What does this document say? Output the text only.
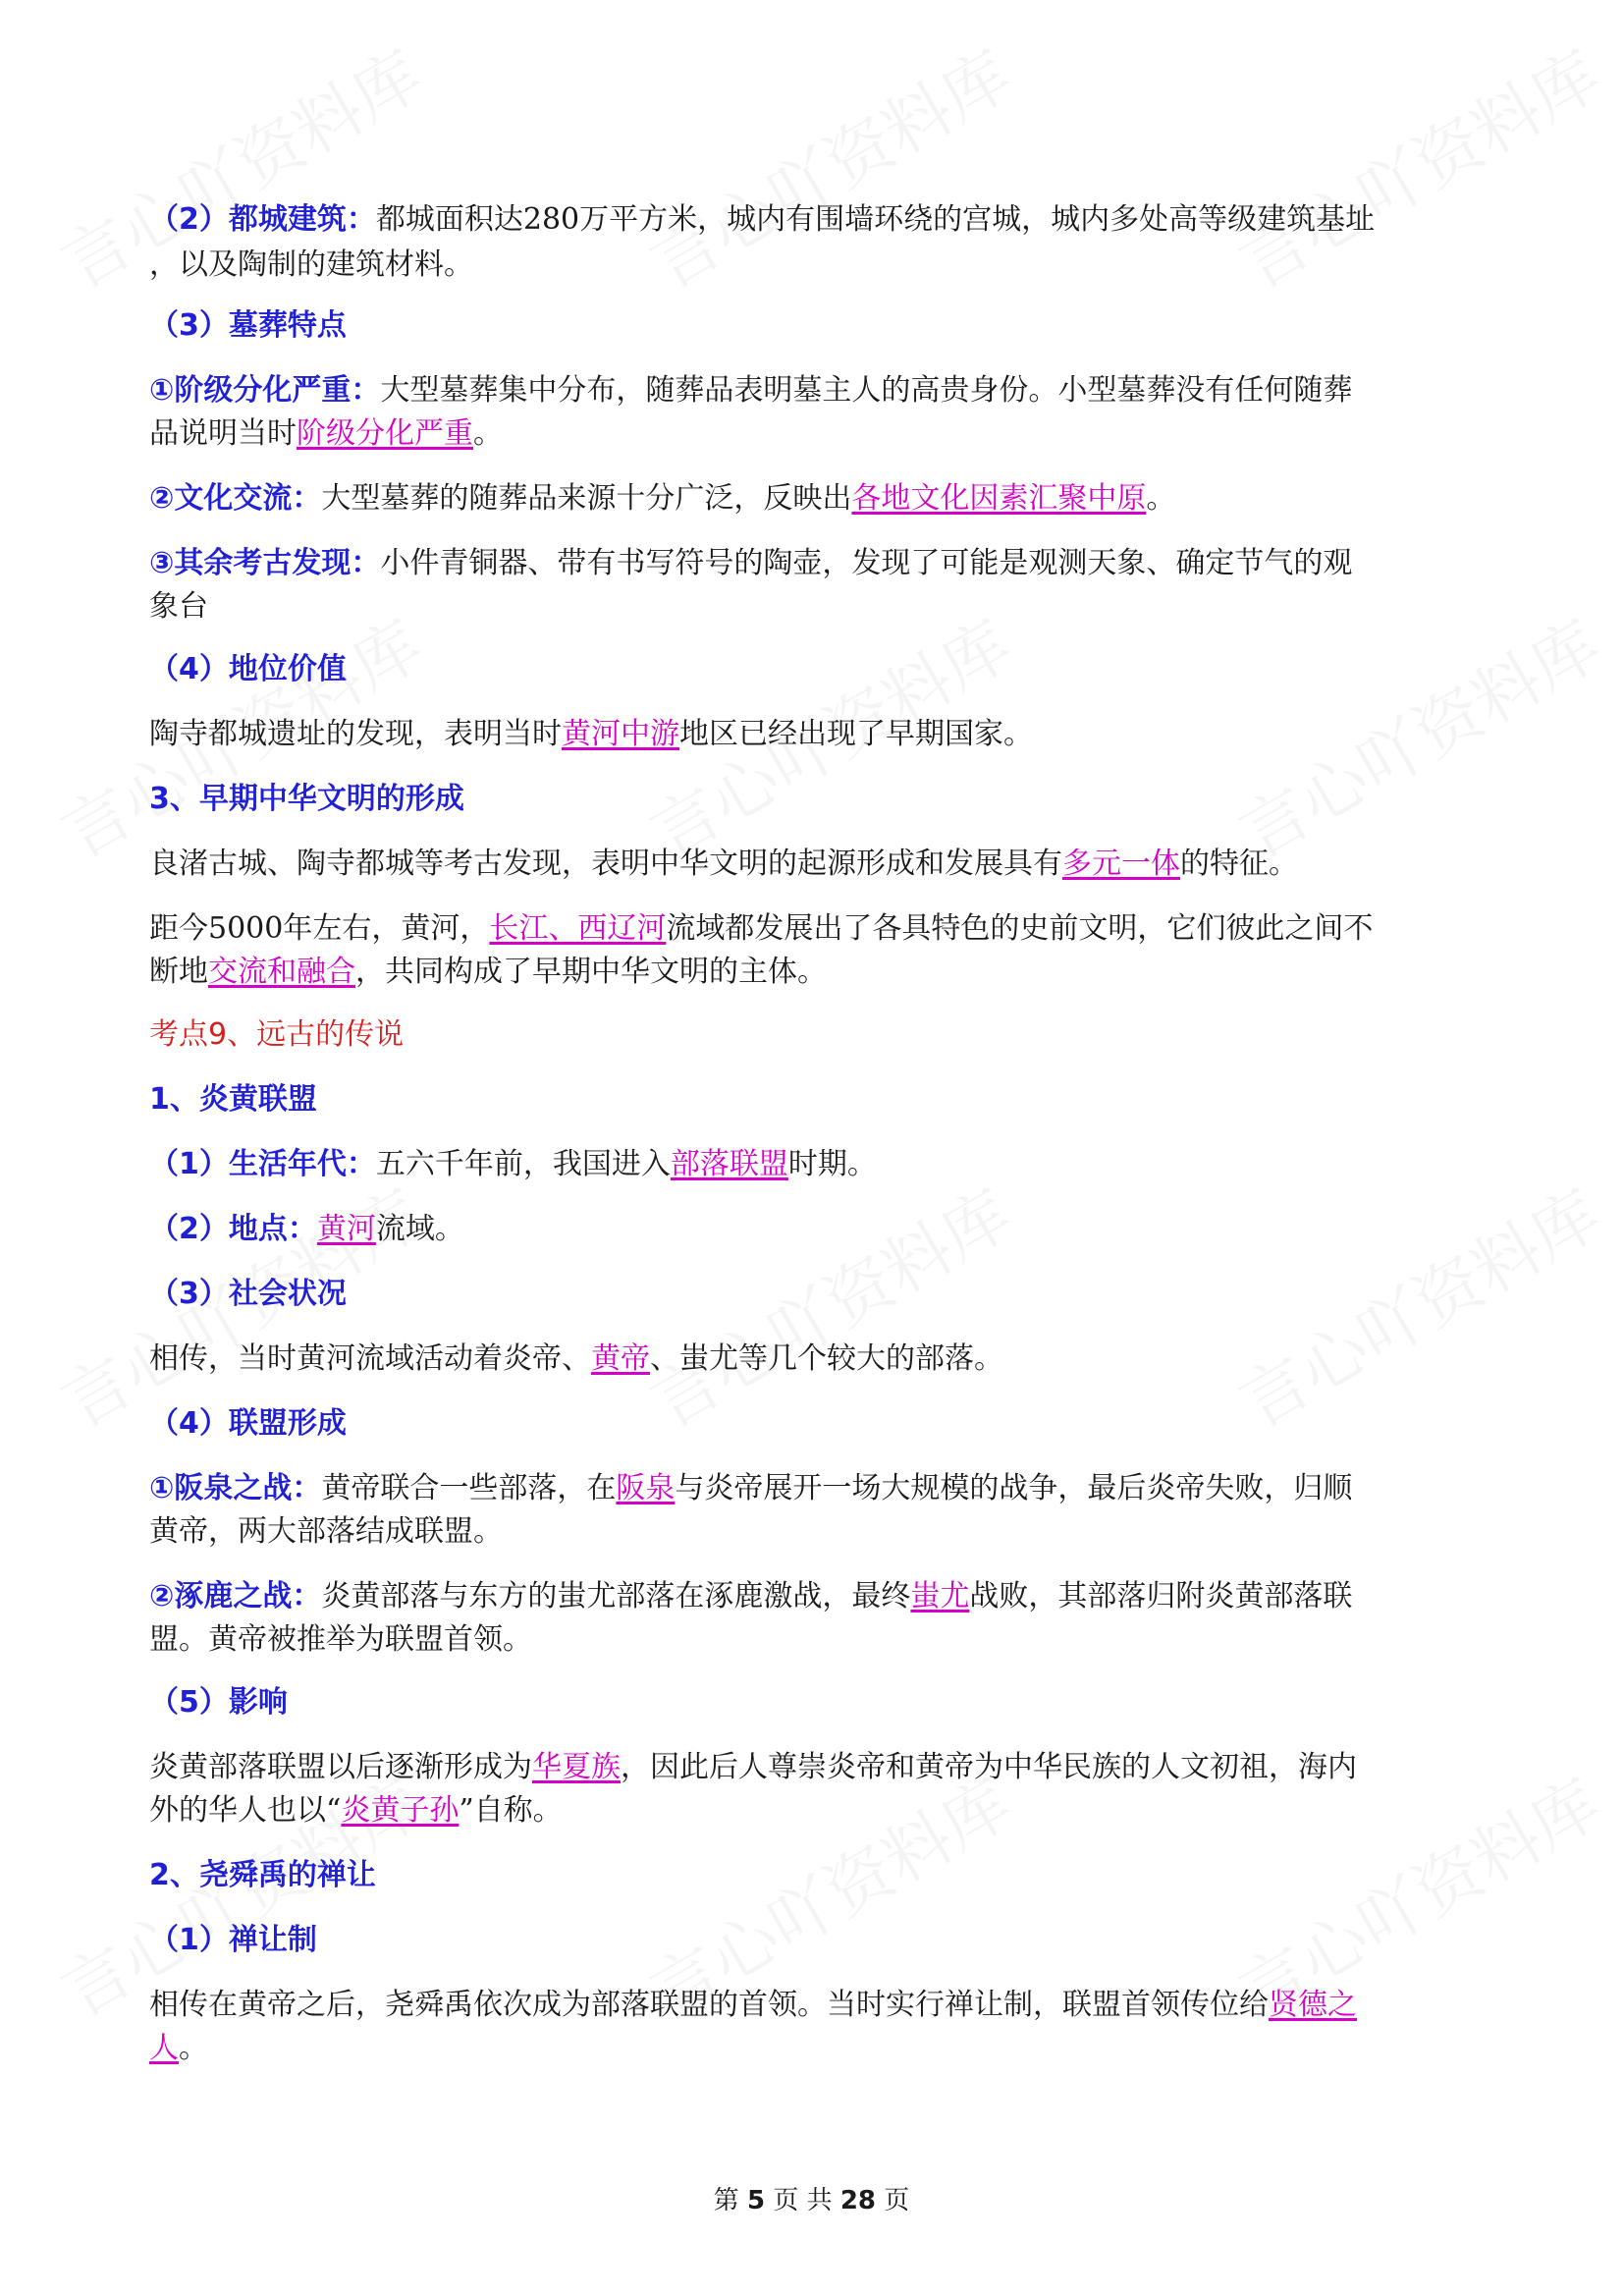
（2）都城建筑：都城面积达280万平方米，城内有围墙环绕的宫城，城内多处高等级建筑基址

，以及陶制的建筑材料。

（3）墓葬特点

①阶级分化严重：大型墓葬集中分布，随葬品表明墓主人的高贵身份。小型墓葬没有任何随葬

品说明当时阶级分化严重。

②文化交流：大型墓葬的随葬品来源十分广泛，反映出各地文化因素汇聚中原。

③其余考古发现：小件青铜器、带有书写符号的陶壶，发现了可能是观测天象、确定节气的观

象台

（4）地位价值

陶寺都城遗址的发现，表明当时黄河中游地区已经出现了早期国家。

3、早期中华文明的形成

良渚古城、陶寺都城等考古发现，表明中华文明的起源形成和发展具有多元一体的特征。

距今5000年左右，黄河，长江、西辽河流域都发展出了各具特色的史前文明，它们彼此之间不

断地交流和融合，共同构成了早期中华文明的主体。

考点9、远古的传说

1、炎黄联盟

（1）生活年代：五六千年前，我国进入部落联盟时期。

（2）地点：黄河流域。

（3）社会状况

相传，当时黄河流域活动着炎帝、黄帝、蚩尤等几个较大的部落。

（4）联盟形成

①阪泉之战：黄帝联合一些部落，在阪泉与炎帝展开一场大规模的战争，最后炎帝失败，归顺

黄帝，两大部落结成联盟。

②涿鹿之战：炎黄部落与东方的蚩尤部落在涿鹿激战，最终蚩尤战败，其部落归附炎黄部落联

盟。黄帝被推举为联盟首领。

（5）影响

炎黄部落联盟以后逐渐形成为华夏族，因此后人尊崇炎帝和黄帝为中华民族的人文初祖，海内

外的华人也以“炎黄子孙”自称。

2、尧舜禹的禅让

（1）禅让制

相传在黄帝之后，尧舜禹依次成为部落联盟的首领。当时实行禅让制，联盟首领传位给贤德之

人。

第 5 页 共 28 页
